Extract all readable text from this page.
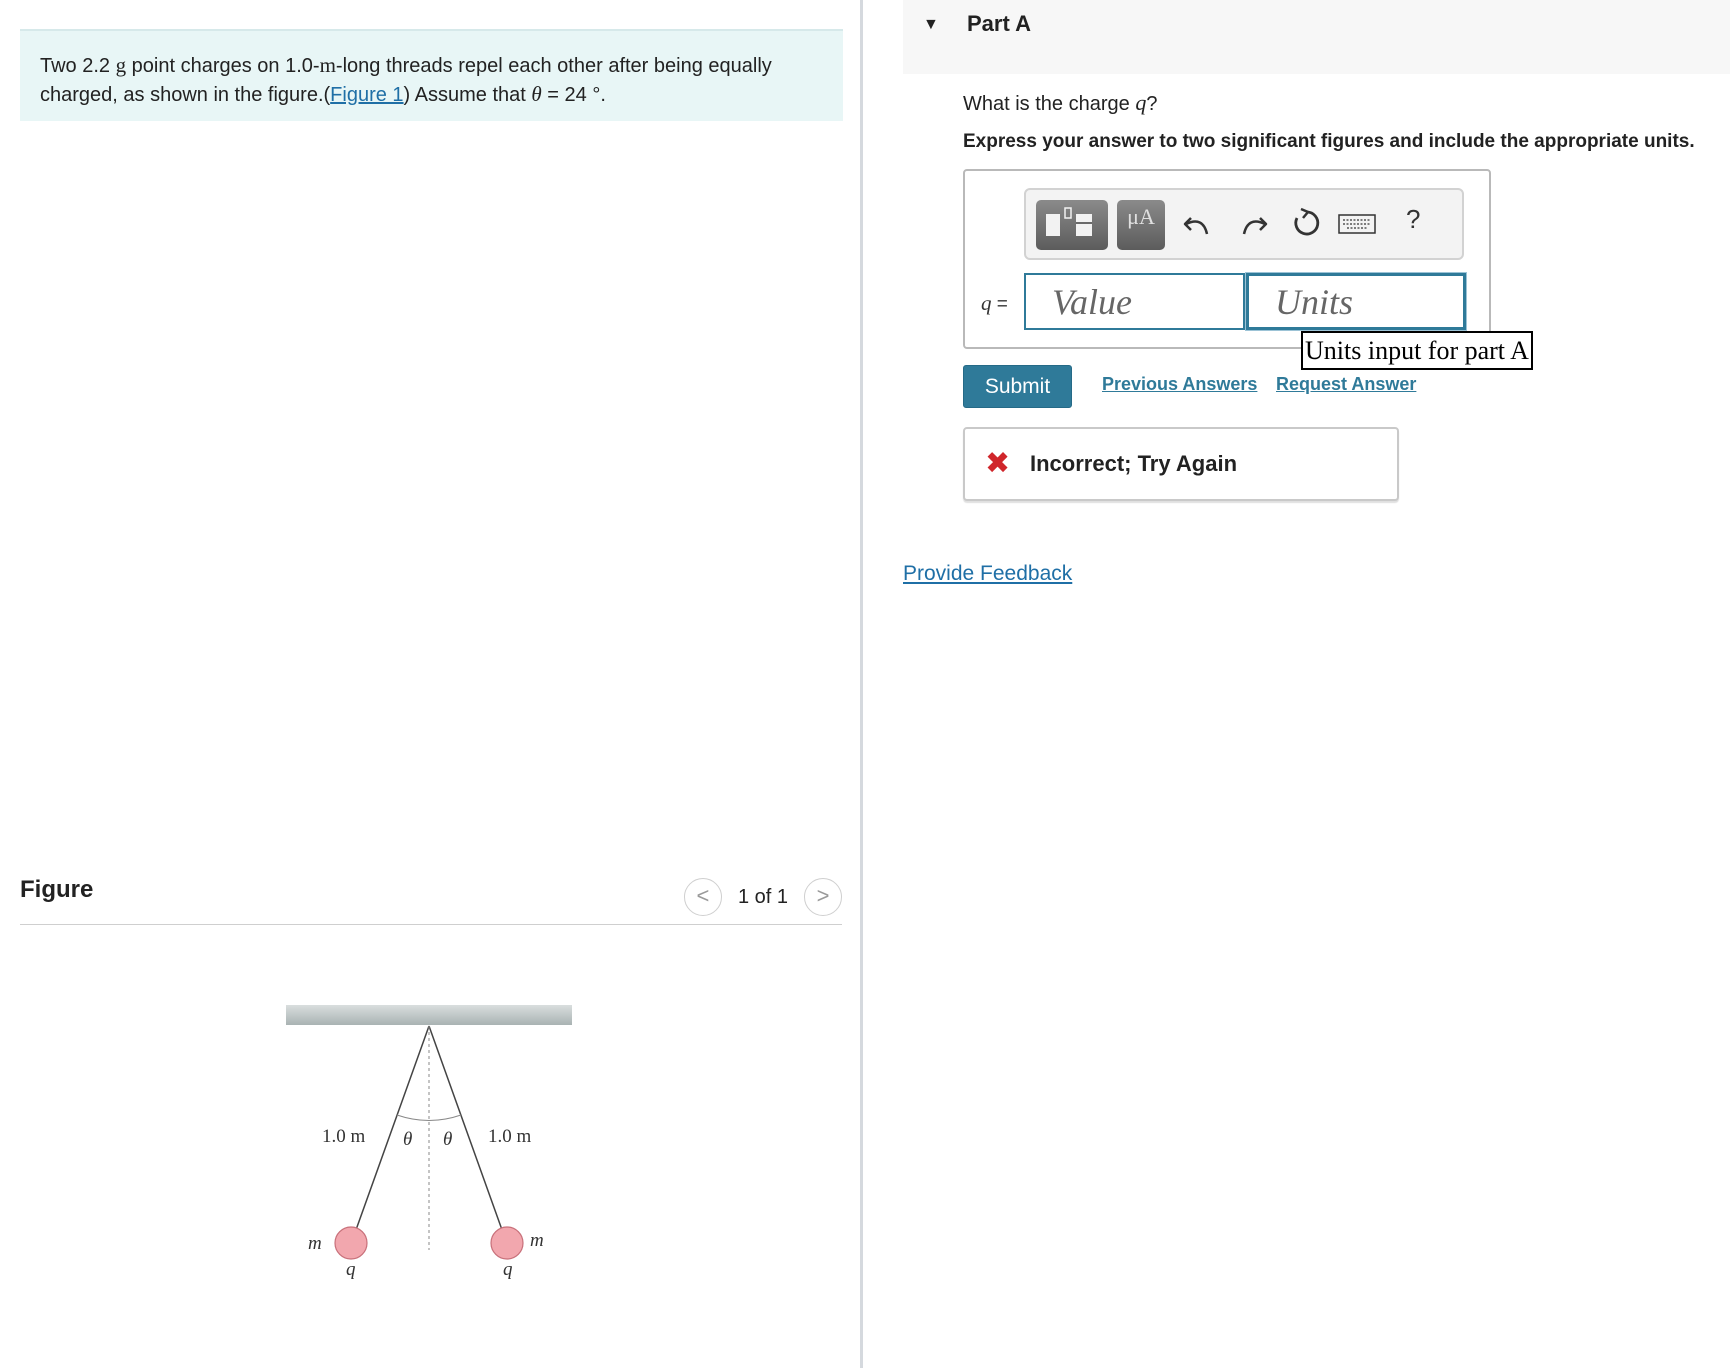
Two 2.2 g point charges on 1.0-m-long threads repel each other after being equally charged, as shown in the figure.(Figure 1) Assume that θ = 24 °.
Figure	<	1 of 1	>
1.0 m	1.0 m
θ θ
m	m
q	q
▼ Part A
What is the charge q?
Express your answer to two significant figures and include the appropriate units.
μA	?
q =
Value
Units
Units input for part A
Submit	Previous Answers Request Answer
✖ Incorrect; Try Again
Provide Feedback
